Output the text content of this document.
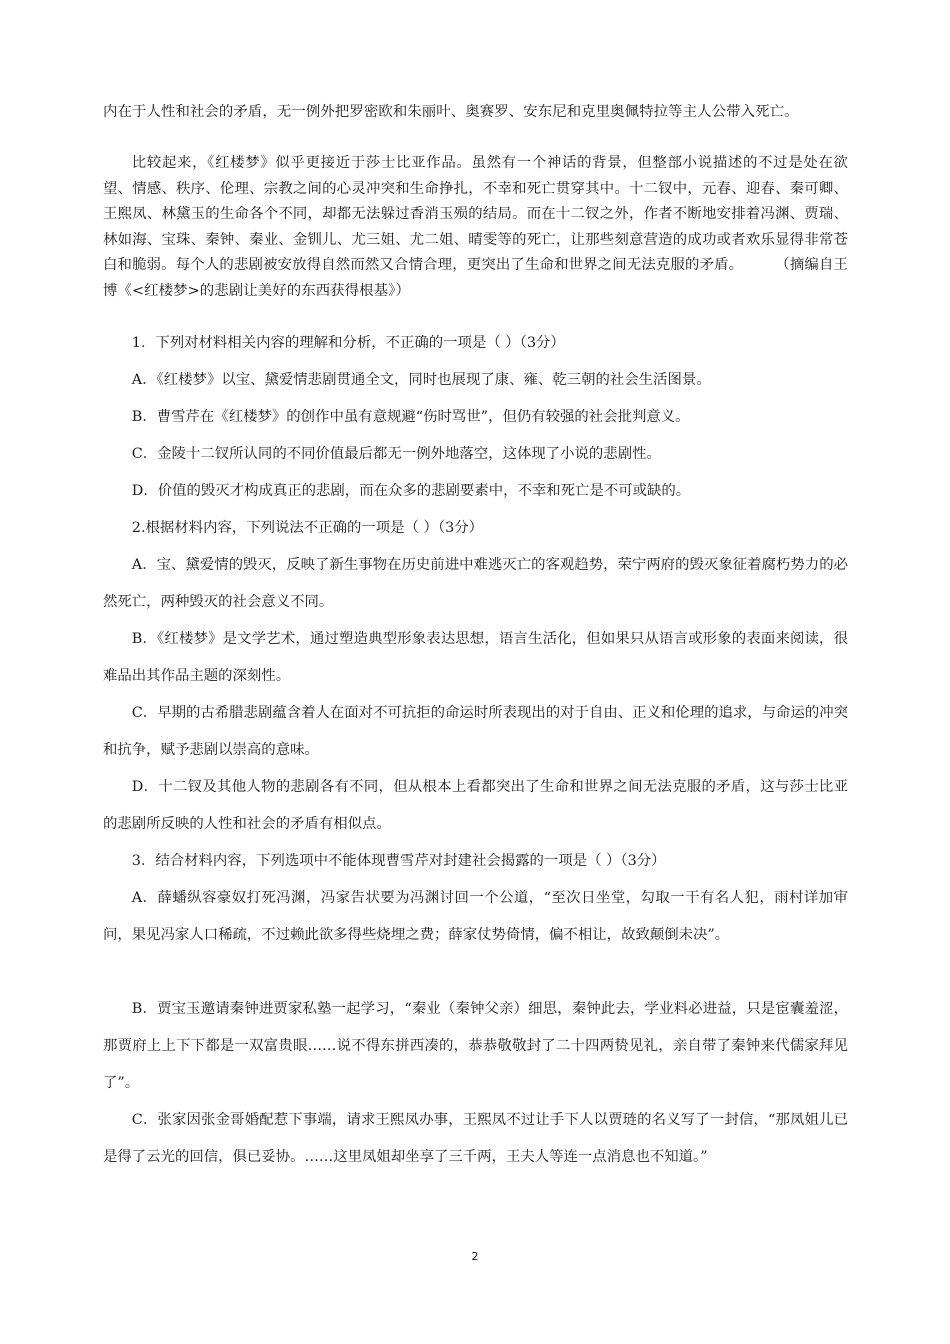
内在于人性和社会的矛盾，无一例外把罗密欧和朱丽叶、奥赛罗、安东尼和克里奥佩特拉等主人公带入死亡。

比较起来，《红楼梦》似乎更接近于莎士比亚作品。虽然有一个神话的背景，但整部小说描述的不过是处在欲望、情感、秩序、伦理、宗教之间的心灵冲突和生命挣扎，不幸和死亡贯穿其中。十二钗中，元春、迎春、秦可卿、王熙凤、林黛玉的生命各个不同，却都无法躲过香消玉殒的结局。而在十二钗之外，作者不断地安排着冯渊、贾瑞、林如海、宝珠、秦钟、秦业、金钏儿、尤三姐、尤二姐、晴雯等的死亡，让那些刻意营造的成功或者欢乐显得非常苍白和脆弱。每个人的悲剧被安放得自然而然又合情合理，更突出了生命和世界之间无法克服的矛盾。 （摘编自王博《<红楼梦>的悲剧让美好的东西获得根基》）

1．下列对材料相关内容的理解和分析，不正确的一项是（ ）（3分）

A．《红楼梦》以宝、黛爱情悲剧贯通全文，同时也展现了康、雍、乾三朝的社会生活图景。

B．曹雪芹在《红楼梦》的创作中虽有意规避“伤时骂世”，但仍有较强的社会批判意义。

C．金陵十二钗所认同的不同价值最后都无一例外地落空，这体现了小说的悲剧性。

D．价值的毁灭才构成真正的悲剧，而在众多的悲剧要素中，不幸和死亡是不可或缺的。

2.根据材料内容，下列说法不正确的一项是（ ）（3分）

A．宝、黛爱情的毁灭，反映了新生事物在历史前进中难逃灭亡的客观趋势，荣宁两府的毁灭象征着腐朽势力的必然死亡，两种毁灭的社会意义不同。

B．《红楼梦》是文学艺术，通过塑造典型形象表达思想，语言生活化，但如果只从语言或形象的表面来阅读，很难品出其作品主题的深刻性。

C．早期的古希腊悲剧蕴含着人在面对不可抗拒的命运时所表现出的对于自由、正义和伦理的追求，与命运的冲突和抗争，赋予悲剧以崇高的意味。

D．十二钗及其他人物的悲剧各有不同，但从根本上看都突出了生命和世界之间无法克服的矛盾，这与莎士比亚的悲剧所反映的人性和社会的矛盾有相似点。

3．结合材料内容，下列选项中不能体现曹雪芹对封建社会揭露的一项是（ ）（3分）

A．薛蟠纵容豪奴打死冯渊，冯家告状要为冯渊讨回一个公道，“至次日坐堂，勾取一干有名人犯，雨村详加审问，果见冯家人口稀疏，不过赖此欲多得些烧埋之费；薛家仗势倚情，偏不相让，故致颠倒未决”。

B．贾宝玉邀请秦钟进贾家私塾一起学习，“秦业（秦钟父亲）细思，秦钟此去，学业料必进益，只是宦囊羞涩，那贾府上上下下都是一双富贵眼……说不得东拼西凑的，恭恭敬敬封了二十四两贽见礼，亲自带了秦钟来代儒家拜见了”。

C．张家因张金哥婚配惹下事端，请求王熙凤办事，王熙凤不过让手下人以贾琏的名义写了一封信，“那凤姐儿已是得了云光的回信，俱已妥协。……这里凤姐却坐享了三千两，王夫人等连一点消息也不知道。”

2
